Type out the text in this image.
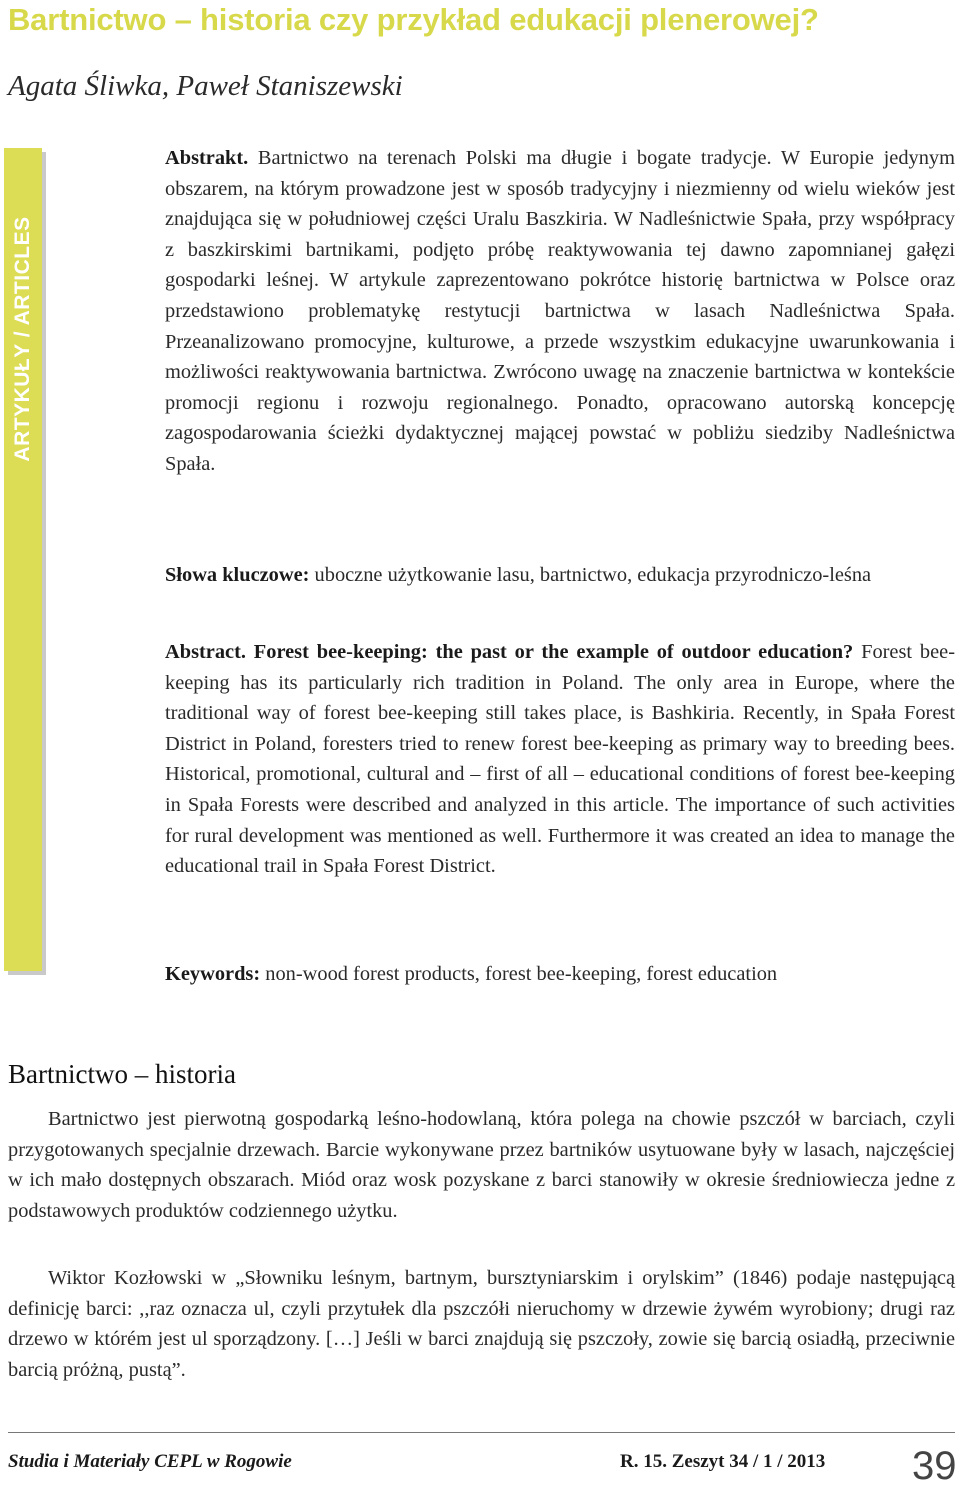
Bartnictwo – historia czy przykład edukacji plenerowej?
Agata Śliwka, Paweł Staniszewski
ARTYKUŁY / ARTICLES
Abstrakt. Bartnictwo na terenach Polski ma długie i bogate tradycje. W Europie jedynym obszarem, na którym prowadzone jest w sposób tradycyjny i niezmienny od wielu wieków jest znajdująca się w południowej części Uralu Baszkiria. W Nadleśnictwie Spała, przy współpracy z baszkirskimi bartnikami, podjęto próbę reaktywowania tej dawno zapomnianej gałęzi gospodarki leśnej. W artykule zaprezentowano pokrótce historię bartnictwa w Polsce oraz przedstawiono problematykę restytucji bartnictwa w lasach Nadleśnictwa Spała. Przeanalizowano promocyjne, kulturowe, a przede wszystkim edukacyjne uwarunkowania i możliwości reaktywowania bartnictwa. Zwrócono uwagę na znaczenie bartnictwa w kontekście promocji regionu i rozwoju regionalnego. Ponadto, opracowano autorską koncepcję zagospodarowania ścieżki dydaktycznej mającej powstać w pobliżu siedziby Nadleśnictwa Spała.
Słowa kluczowe: uboczne użytkowanie lasu, bartnictwo, edukacja przyrodniczo-leśna
Abstract. Forest bee-keeping: the past or the example of outdoor education? Forest bee-keeping has its particularly rich tradition in Poland. The only area in Europe, where the traditional way of forest bee-keeping still takes place, is Bashkiria. Recently, in Spała Forest District in Poland, foresters tried to renew forest bee-keeping as primary way to breeding bees. Historical, promotional, cultural and – first of all – educational conditions of forest bee-keeping in Spała Forests were described and analyzed in this article. The importance of such activities for rural development was mentioned as well. Furthermore it was created an idea to manage the educational trail in Spała Forest District.
Keywords: non-wood forest products, forest bee-keeping, forest education
Bartnictwo – historia
Bartnictwo jest pierwotną gospodarką leśno-hodowlaną, która polega na chowie pszczół w barciach, czyli przygotowanych specjalnie drzewach. Barcie wykonywane przez bartników usytuowane były w lasach, najczęściej w ich mało dostępnych obszarach. Miód oraz wosk pozyskane z barci stanowiły w okresie średniowiecza jedne z podstawowych produktów codziennego użytku.
Wiktor Kozłowski w „Słowniku leśnym, bartnym, bursztyniarskim i orylskim” (1846) podaje następującą definicję barci: ,,raz oznacza ul, czyli przytułek dla pszczółi nieruchomy w drzewie żywém wyrobiony; drugi raz drzewo w którém jest ul sporządzony. […] Jeśli w barci znajdują się pszczoły, zowie się barcią osiadłą, przeciwnie barcią próżną, pustą”.
Studia i Materiały CEPL w Rogowie	R. 15. Zeszyt 34 / 1 / 2013 39
